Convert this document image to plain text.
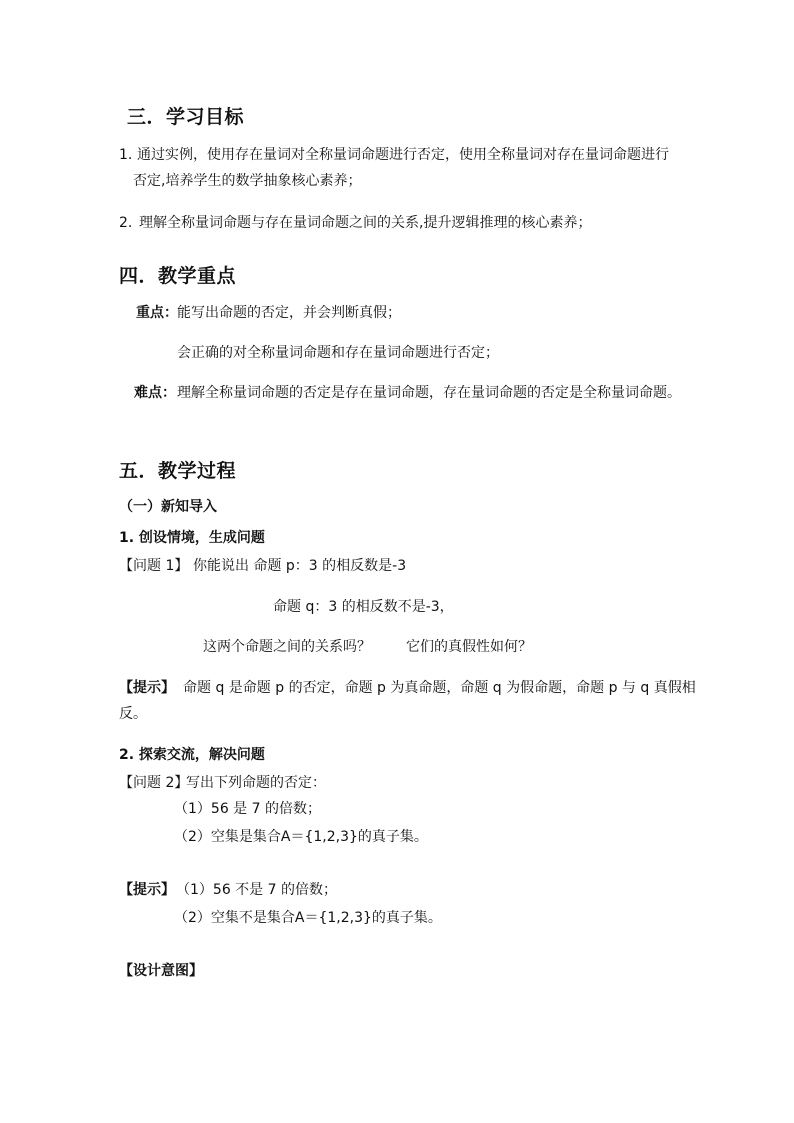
三．学习目标
1. 通过实例，使用存在量词对全称量词命题进行否定，使用全称量词对存在量词命题进行
否定,培养学生的数学抽象核心素养；
2. 理解全称量词命题与存在量词命题之间的关系,提升逻辑推理的核心素养；
四．教学重点
重点： 能写出命题的否定，并会判断真假；
会正确的对全称量词命题和存在量词命题进行否定；
难点： 理解全称量词命题的否定是存在量词命题，存在量词命题的否定是全称量词命题。
五．教学过程
（一）新知导入
1. 创设情境，生成问题
【问题 1】 你能说出 命题 p：3 的相反数是-3
命题 q：3 的相反数不是-3，
这两个命题之间的关系吗？	它们的真假性如何？
【提示】 命题 q 是命题 p 的否定，命题 p 为真命题，命题 q 为假命题，命题 p 与 q 真假相
反。
2. 探索交流，解决问题
【问题 2】
写出下列命题的否定：
（1）56 是 7 的倍数；
（2）空集是集合A＝{1,2,3}的真子集。
【提示】 （1）56 不是 7 的倍数；
（2）空集不是集合A＝{1,2,3}的真子集。
【设计意图】
